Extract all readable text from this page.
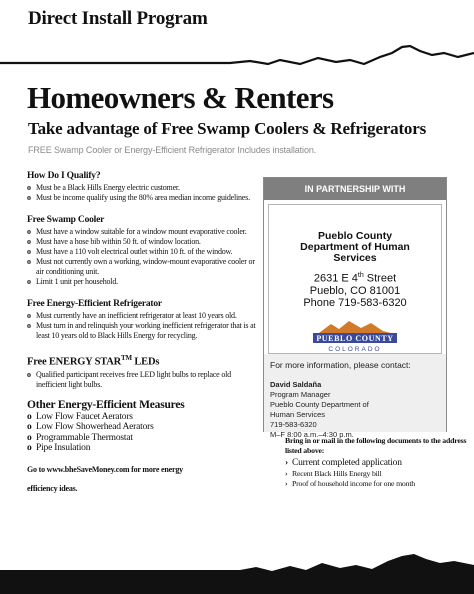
Direct Install Program
Homeowners & Renters
Take advantage of Free Swamp Coolers & Refrigerators
FREE Swamp Cooler or Energy-Efficient Refrigerator Includes installation.
How Do I Qualify?
o Must be a Black Hills Energy electric customer.
o Must be income qualify using the 80% area median income guidelines.
Free Swamp Cooler
o Must have a window suitable for a window mount evaporative cooler.
o Must have a hose bib within 50 ft. of window location.
o Must have a 110 volt electrical outlet within 10 ft. of the window.
o Must not currently own a working, window-mount evaporative cooler or air conditioning unit.
o Limit 1 unit per household.
Free Energy-Efficient Refrigerator
o Must currently have an inefficient refrigerator at least 10 years old.
o Must turn in and relinquish your working inefficient refrigerator that is at least 10 years old to Black Hills Energy for recycling.
Free ENERGY STAR™ LEDs
o Qualified participant receives free LED light bulbs to replace old inefficient light bulbs.
Other Energy-Efficient Measures
o Low Flow Faucet Aerators
o Low Flow Showerhead Aerators
o Programmable Thermostat
o Pipe Insulation
Go to www.bheSaveMoney.com for more energy efficiency ideas.
IN PARTNERSHIP WITH
Pueblo County
Department of Human
Services
2631 E 4th Street
Pueblo, CO 81001
Phone 719-583-6320
PUEBLO COUNTY
COLORADO
For more information, please contact:
David Saldaña
Program Manager
Pueblo County Department of
Human Services
719-583-6320
M–F 8:00 a.m.–4:30 p.m.
Bring in or mail in the following documents to the address listed above:
› Current completed application
› Recent Black Hills Energy bill
› Proof of household income for one month
